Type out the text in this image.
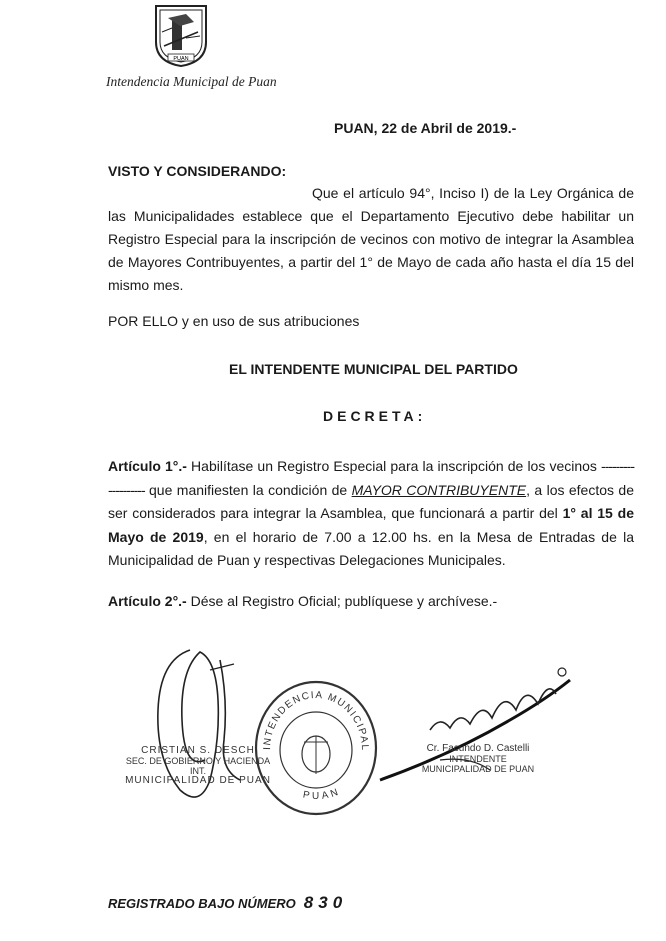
PUAN
Intendencia Municipal de Puan
PUAN, 22 de Abril de 2019.-
VISTO Y CONSIDERANDO:
Que el artículo 94°, Inciso I) de la Ley Orgánica de las Municipalidades establece que el Departamento Ejecutivo debe habilitar un Registro Especial para la inscripción de vecinos con motivo de integrar la Asamblea de Mayores Contribuyentes, a partir del 1° de Mayo de cada año hasta el día 15 del mismo mes.
POR ELLO y en uso de sus atribuciones
EL INTENDENTE MUNICIPAL DEL PARTIDO
DECRETA:
Artículo 1°.- Habilítase un Registro Especial para la inscripción de los vecinos ------------------- que manifiesten la condición de MAYOR CONTRIBUYENTE, a los efectos de ser considerados para integrar la Asamblea, que funcionará a partir del 1° al 15 de Mayo de 2019, en el horario de 7.00 a 12.00 hs. en la Mesa de Entradas de la Municipalidad de Puan y respectivas Delegaciones Municipales.
Artículo 2°.- Dése al Registro Oficial; publíquese y archívese.-
CRISTIAN S. DESCH
SEC. DE GOBIERNO Y HACIENDA INT.
MUNICIPALIDAD DE PUAN
INTENDENCIA MUNICIPAL
PUAN
Cr. Facundo D. Castelli
INTENDENTE
MUNICIPALIDAD DE PUAN
REGISTRADO BAJO NÚMERO 830
